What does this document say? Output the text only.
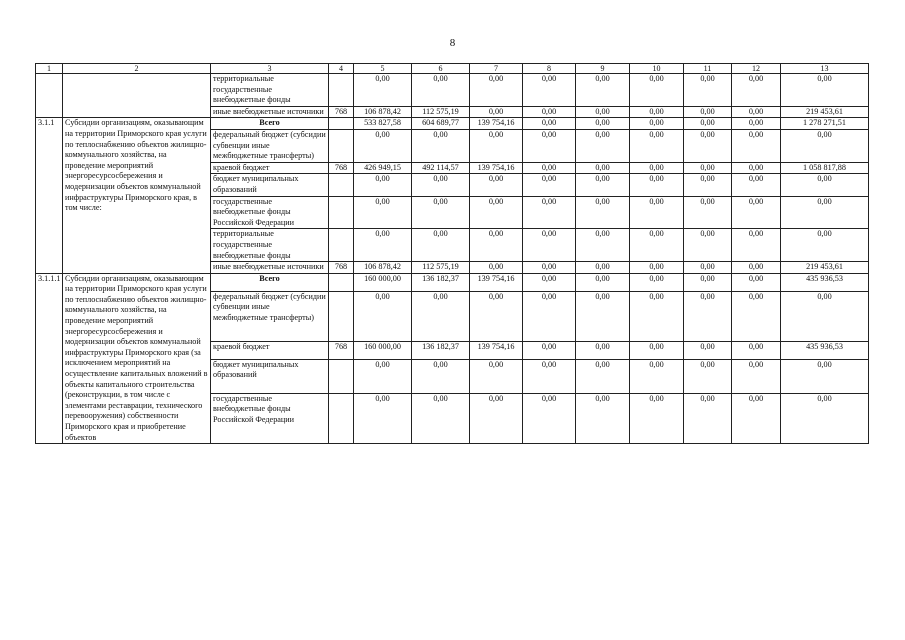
8
1	2	3	4	5	6	7	8	9	10	11	12	13
		территориальные государственные внебюджетные фонды		0,00	0,00	0,00	0,00	0,00	0,00	0,00	0,00	0,00
		иные внебюджетные источники	768	106 878,42	112 575,19	0,00	0,00	0,00	0,00	0,00	0,00	219 453,61
3.1.1	Субсидии организациям, оказывающим на территории Приморского края услуги по теплоснабжению объектов жилищно-коммунального хозяйства, на проведение мероприятий энергоресурсосбережения и модернизации объектов коммунальной инфраструктуры Приморского края, в том числе:	Всего		533 827,58	604 689,77	139 754,16	0,00	0,00	0,00	0,00	0,00	1 278 271,51
		федеральный бюджет (субсидии субвенции иные межбюджетные трансферты)		0,00	0,00	0,00	0,00	0,00	0,00	0,00	0,00	0,00
		краевой бюджет	768	426 949,15	492 114,57	139 754,16	0,00	0,00	0,00	0,00	0,00	1 058 817,88
		бюджет муниципальных образований		0,00	0,00	0,00	0,00	0,00	0,00	0,00	0,00	0,00
		государственные внебюджетные фонды Российской Федерации		0,00	0,00	0,00	0,00	0,00	0,00	0,00	0,00	0,00
		территориальные государственные внебюджетные фонды		0,00	0,00	0,00	0,00	0,00	0,00	0,00	0,00	0,00
		иные внебюджетные источники	768	106 878,42	112 575,19	0,00	0,00	0,00	0,00	0,00	0,00	219 453,61
3.1.1.1	Субсидии организациям, оказывающим на территории Приморского края услуги по теплоснабжению объектов жилищно-коммунального хозяйства, на проведение мероприятий энергоресурсосбережения и модернизации объектов коммунальной инфраструктуры Приморского края (за исключением мероприятий на осуществление капитальных вложений в объекты капитального строительства (реконструкции, в том числе с элементами реставрации, технического перевооружения) собственности Приморского края и приобретение объектов	Всего		160 000,00	136 182,37	139 754,16	0,00	0,00	0,00	0,00	0,00	435 936,53
		федеральный бюджет (субсидии субвенции иные межбюджетные трансферты)		0,00	0,00	0,00	0,00	0,00	0,00	0,00	0,00	0,00
		краевой бюджет	768	160 000,00	136 182,37	139 754,16	0,00	0,00	0,00	0,00	0,00	435 936,53
		бюджет муниципальных образований		0,00	0,00	0,00	0,00	0,00	0,00	0,00	0,00	0,00
		государственные внебюджетные фонды Российской Федерации		0,00	0,00	0,00	0,00	0,00	0,00	0,00	0,00	0,00
